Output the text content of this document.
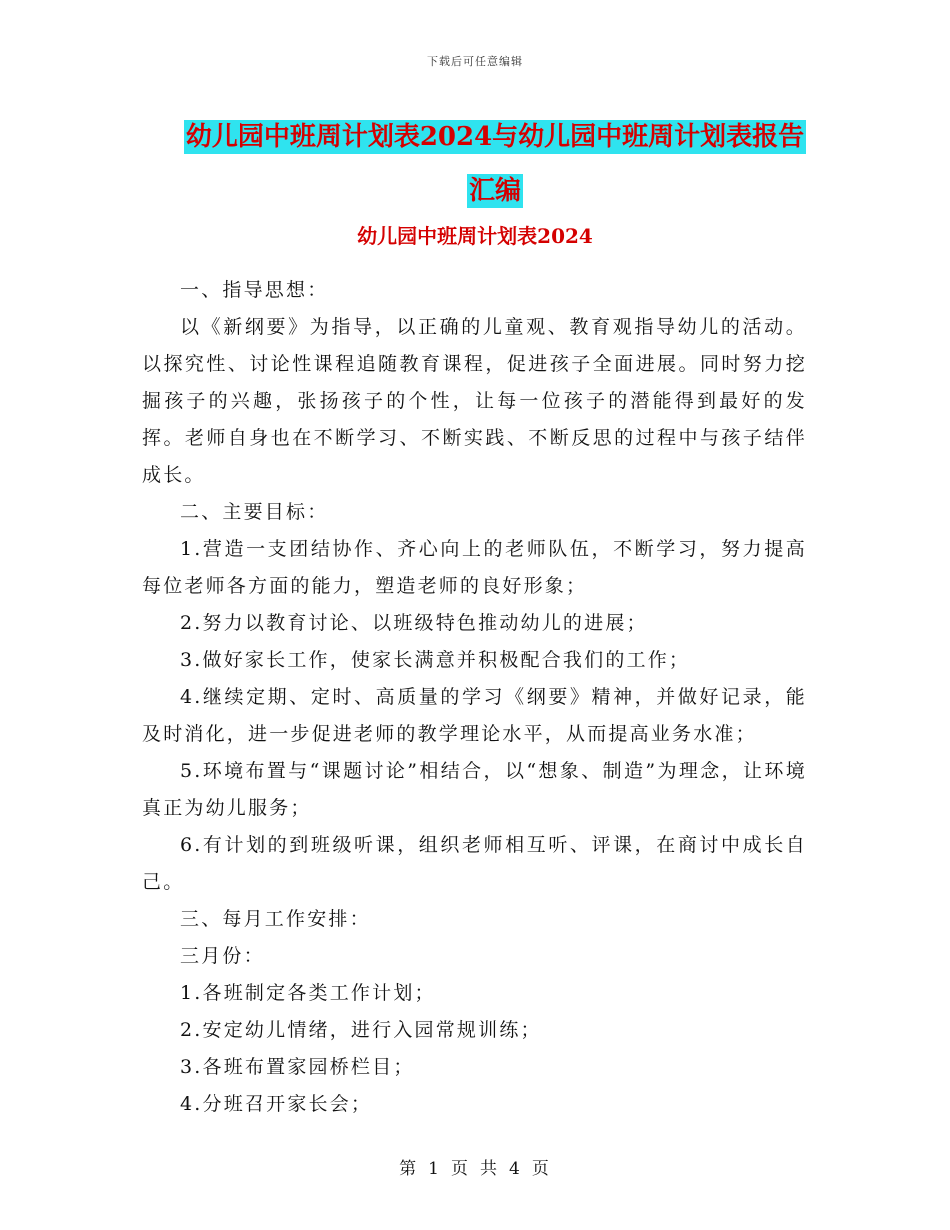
下载后可任意编辑
幼儿园中班周计划表2024与幼儿园中班周计划表报告
汇编
幼儿园中班周计划表2024

一、指导思想：

以《新纲要》为指导，以正确的儿童观、教育观指导幼儿的活动。以探究性、讨论性课程追随教育课程，促进孩子全面进展。同时努力挖掘孩子的兴趣，张扬孩子的个性，让每一位孩子的潜能得到最好的发挥。老师自身也在不断学习、不断实践、不断反思的过程中与孩子结伴成长。

二、主要目标：

1.营造一支团结协作、齐心向上的老师队伍，不断学习，努力提高每位老师各方面的能力，塑造老师的良好形象；

2.努力以教育讨论、以班级特色推动幼儿的进展；

3.做好家长工作，使家长满意并积极配合我们的工作；

4.继续定期、定时、高质量的学习《纲要》精神，并做好记录，能及时消化，进一步促进老师的教学理论水平，从而提高业务水准；

5.环境布置与“课题讨论”相结合，以“想象、制造”为理念，让环境真正为幼儿服务；

6.有计划的到班级听课，组织老师相互听、评课，在商讨中成长自己。

三、每月工作安排：

三月份：

1.各班制定各类工作计划；

2.安定幼儿情绪，进行入园常规训练；

3.各班布置家园桥栏目；

4.分班召开家长会；

第 1 页 共 4 页
